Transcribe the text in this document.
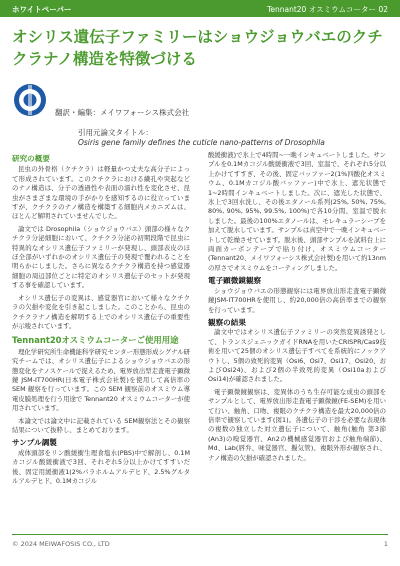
ホワイトペーパー	Tennant20 オスミウムコーター 02
オシリス遺伝子ファミリーはショウジョウバエのクチクラナノ構造を特徴づける
翻訳・編集：メイワフォーシス株式会社
引用元論文タイトル：
Osiris gene family defines the cuticle nano-patterns of Drosophila
研究の概要

昆虫の外骨格（クチクラ）は軽量かつ丈夫な高分子によって形成されています。このクチクラにおける繊孔や突起などのナノ構造は、分子の透過性や表面の濡れ性を変化させ、昆虫がさまざまな環境の手がかりを感知するのに役立っていますが、クチクラのナノ構造を構築する細胞内メカニズムは、ほとんど解明されていませんでした。

論文では Drosophila（ショウジョウバエ）頭部の様々なクチクラ分泌細胞において、クチクラ分泌の初期段階で昆虫に特異的なオシリス遺伝子ファミリーが発現し、頭部表皮のほぼ全部がいずれかのオシリス遺伝子の発現で覆われることを明らかにしました。さらに異なるクチクラ構造を持つ感覚器細胞の周辺部位ごとに特定のオシリス遺伝子のセットが発現する事を確認しています。

オシリス遺伝子の変異は、感覚器官において様々なクチクラの欠損や変化を引き起こしました。このことから、昆虫のクチクラナノ構造を解明する上でのオシリス遺伝子の重要性が示唆されています。

Tennant20オスミウムコーターご使用用途

理化学研究所生命機能科学研究センター形態形成シグナル研究チームでは、オシリス遺伝子によるショウジョウバエの形態変化をナノスケールで捉えるため、電界放出型走査電子顕微鏡 JSM-IT700HR(日本電子株式会社製)を使用して高倍率の SEM 観察を行っています。この SEM 観察前のオスミウム導電皮膜処理を行う用途で Tennant20 オスミウムコーターが使用されています。

本論文では論文中に記載されている SEM観察法とその観察結果について抜粋し、まとめております。

サンプル調製

成体頭部をリン酸緩衝生理食塩水(PBS)中で解剖し、0.1Mカコジル酸緩衝液で3回、それぞれ5分以上かけてすすいだ後、固定用緩衝液1(2%パラホルムアルデヒド、2.5%グルタルアルデヒド、0.1Mカコジル

酸緩衝液)で氷上で4時間~一晩インキュベートしました。サンプルを0.1Mカコジル酸緩衝液で3回、室温で、それぞれ5分以上かけてすすぎ、その後、固定バッファー2(1%四酸化オスミウム、0.1Mカコジル酸バッファー)中で氷上、遮光状態で1~2時間インキュベートしました。次に、遮光した状態で、氷上で3回水洗し、その後エタノール系列(25%, 50%, 75%, 80%, 90%, 95%, 99.5%, 100%)で各10分間、室温で脱水しました。最後の100%エタノールは、モレキュラーシーブを加えて脱水しています。サンプルは真空中で一晩インキュベートして乾燥させています。脱水後、頭部サンプルを試料台上に両面カーボンテープで貼り付け、オスミウムコーター(Tennant20、メイワフォーシス株式会社製)を用いて約13nmの厚さでオスミウムをコーティングしました。

電子顕微鏡観察

ショウジョウバエの形態観察には電界放出形走査電子顕微鏡JSM-IT700HRを使用し、約20,000倍の高倍率までの観察を行っています。

観察の結果

論文中ではオシリス遺伝子ファミリーの突然変異誘発として、トランスジェニックガイドRNAを用いたCRISPR/Cas9技術を用いて25個のオシリス遺伝子すべてを系統的にノックアウトし、5個の致死的変異（Osi6、Osi7、Osi17、Osi20、およびOsi24)、および2個の半致死的変異（Osi10aおよびOsi14)が確認されました。

電子顕微鏡観察は、変異体のうち生存可能な成虫の頭部をサンプルとして、電界放出形走査電子顕微鏡(FE-SEM)を用いて行い、触角、口吻、複眼のクチクラ構造を最大20,000倍の倍率で観察しています(図1)。各遺伝子の干渉を必要な表現体の複数の独立した対立遺伝子について、触角(触角 第3節(An3)の嗅覚器官、An2の機械感覚器官および触角端節)、Md、Lab(唇弁、味覚器官、擬気管)、複眼外形が観察され、ナノ構造の欠損が確認されました。

© 2024 MEIWAFOSIS CO., LTD	1
